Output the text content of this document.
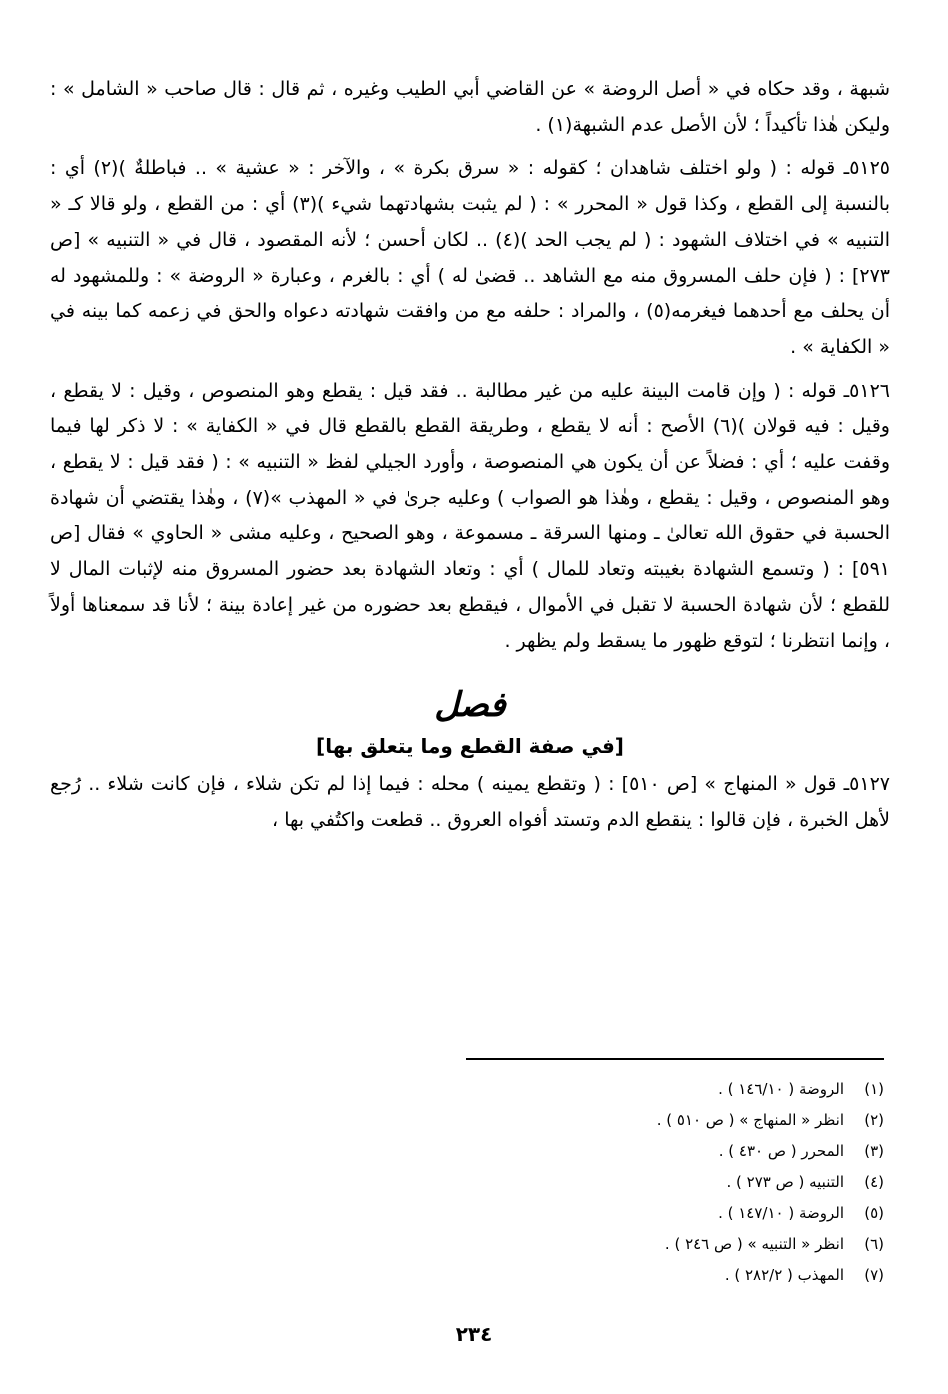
شبهة ، وقد حكاه في « أصل الروضة » عن القاضي أبي الطيب وغيره ، ثم قال : قال صاحب « الشامل » : وليكن هٰذا تأكيداً ؛ لأن الأصل عدم الشبهة(١) .

٥١٢٥ـ قوله : ( ولو اختلف شاهدان ؛ كقوله : « سرق بكرة » ، والآخر : « عشية » .. فباطلةٌ )(٢) أي : بالنسبة إلى القطع ، وكذا قول « المحرر » : ( لم يثبت بشهادتهما شيء )(٣) أي : من القطع ، ولو قالا كـ « التنبيه » في اختلاف الشهود : ( لم يجب الحد )(٤) .. لكان أحسن ؛ لأنه المقصود ، قال في « التنبيه » [ص ٢٧٣] : ( فإن حلف المسروق منه مع الشاهد .. قضىٰ له ) أي : بالغرم ، وعبارة « الروضة » : وللمشهود له أن يحلف مع أحدهما فيغرمه(٥) ، والمراد : حلفه مع من وافقت شهادته دعواه والحق في زعمه كما بينه في « الكفاية » .

٥١٢٦ـ قوله : ( وإن قامت البينة عليه من غير مطالبة .. فقد قيل : يقطع وهو المنصوص ، وقيل : لا يقطع ، وقيل : فيه قولان )(٦) الأصح : أنه لا يقطع ، وطريقة القطع بالقطع قال في « الكفاية » : لا ذكر لها فيما وقفت عليه ؛ أي : فضلاً عن أن يكون هي المنصوصة ، وأورد الجيلي لفظ « التنبيه » : ( فقد قيل : لا يقطع ، وهو المنصوص ، وقيل : يقطع ، وهٰذا هو الصواب ) وعليه جرىٰ في « المهذب »(٧) ، وهٰذا يقتضي أن شهادة الحسبة في حقوق الله تعالىٰ ـ ومنها السرقة ـ مسموعة ، وهو الصحيح ، وعليه مشى « الحاوي » فقال [ص ٥٩١] : ( وتسمع الشهادة بغيبته وتعاد للمال ) أي : وتعاد الشهادة بعد حضور المسروق منه لإثبات المال لا للقطع ؛ لأن شهادة الحسبة لا تقبل في الأموال ، فيقطع بعد حضوره من غير إعادة بينة ؛ لأنا قد سمعناها أولاً ، وإنما انتظرنا ؛ لتوقع ظهور ما يسقط ولم يظهر .

فصل
[في صفة القطع وما يتعلق بها]

٥١٢٧ـ قول « المنهاج » [ص ٥١٠] : ( وتقطع يمينه ) محله : فيما إذا لم تكن شلاء ، فإن كانت شلاء .. رُجع لأهل الخبرة ، فإن قالوا : ينقطع الدم وتستد أفواه العروق .. قطعت واكتُفي بها ،

(١)الروضة ( ١٤٦/١٠ ) .
(٢)انظر « المنهاج » ( ص ٥١٠ ) .
(٣)المحرر ( ص ٤٣٠ ) .
(٤)التنبيه ( ص ٢٧٣ ) .
(٥)الروضة ( ١٤٧/١٠ ) .
(٦)انظر « التنبيه » ( ص ٢٤٦ ) .
(٧)المهذب ( ٢٨٢/٢ ) .
٢٣٤
